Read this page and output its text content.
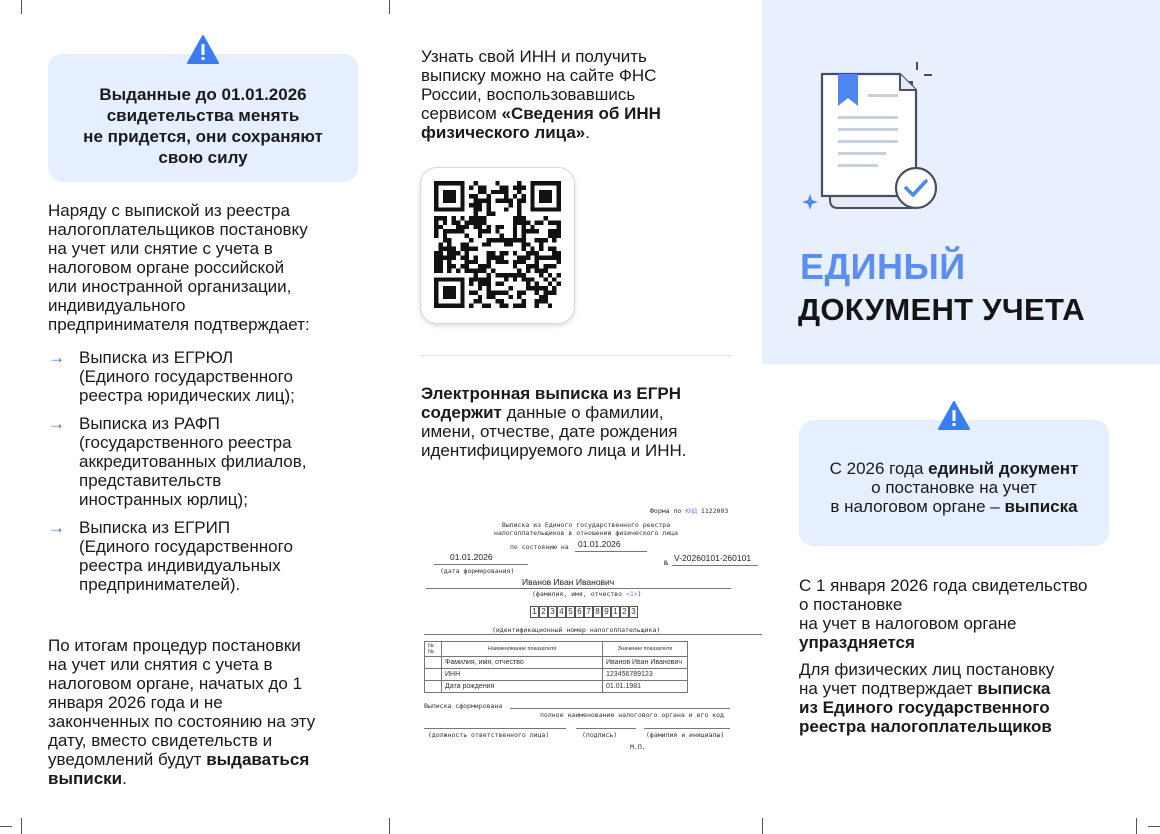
Выданные до 01.01.2026
свидетельства менять
не придется, они сохраняют
свою силу
Наряду с выпиской из реестра
налогоплательщиков постановку
на учет или снятие с учета в
налоговом органе российской
или иностранной организации,
индивидуального
предпринимателя подтверждает:
→ Выписка из ЕГРЮЛ
(Единого государственного
реестра юридических лиц);
→ Выписка из РАФП
(государственного реестра
аккредитованных филиалов,
представительств
иностранных юрлиц);
→ Выписка из ЕГРИП
(Единого государственного
реестра индивидуальных
предпринимателей).
По итогам процедур постановки
на учет или снятия с учета в
налоговом органе, начатых до 1
января 2026 года и не
законченных по состоянию на эту
дату, вместо свидетельств и
уведомлений будут выдаваться
выписки.
Узнать свой ИНН и получить
выписку можно на сайте ФНС
России, воспользовавшись
сервисом «Сведения об ИНН
физического лица».
Электронная выписка из ЕГРН
содержит данные о фамилии,
имени, отчестве, дате рождения
идентифицируемого лица и ИНН.
Форма по КНД 1122003
Выписка из Единого государственного реестра
налогоплательщиков в отношении физического лица
по состоянию на 01.01.2026
01.01.2026
№ V-20260101-260101
(дата формирования)
Иванов Иван Иванович
(фамилия, имя, отчество <1>)
1 2 3 4 5 6 7 8 9 1 2 3
(идентификационный номер налогоплательщика)
№№	Наименование показателя	Значение показателя
	Фамилия, имя, отчество	Иванов Иван Иванович
	ИНН	123456789123
	Дата рождения	01.01.1981
Выписка сформирована
полное наименование налогового органа и его код
(должность ответственного лица)	(подпись)	(фамилия и инициалы)
М.П.
ЕДИНЫЙ
ДОКУМЕНТ УЧЕТА
С 2026 года единый документ
о постановке на учет
в налоговом органе – выписка
С 1 января 2026 года свидетельство
о постановке
на учет в налоговом органе
упраздняется
Для физических лиц постановку
на учет подтверждает выписка
из Единого государственного
реестра налогоплательщиков
